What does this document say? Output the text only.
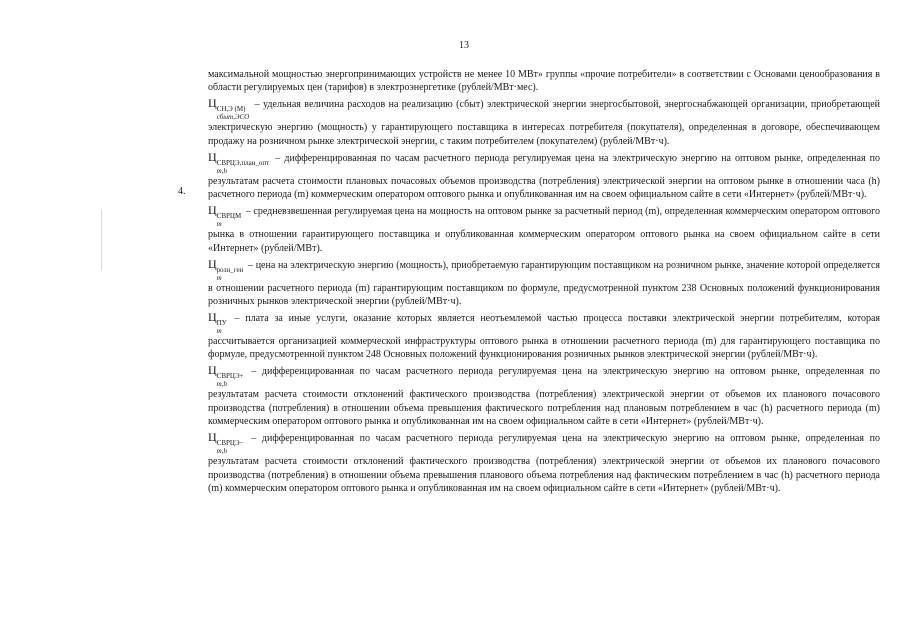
13
4.

максимальной мощностью энергопринимающих устройств не менее 10 МВт» группы «прочие потребители» в соответствии с Основами ценообразования в области регулируемых цен (тарифов) в электроэнергетике (рублей/МВт·мес).

Ц СН,Э (М)
сбыт,ЭСО
– удельная величина расходов на реализацию (сбыт) электрической энергии энергосбытовой, энергоснабжающей организации, приобретающей электрическую энергию (мощность) у гарантирующего поставщика в интересах потребителя (покупателя), определенная в договоре, обеспечивающем продажу на розничном рынке электрической энергии, с таким потребителем (покупателем) (рублей/МВт·ч).

Ц СВРЦЭ,план_опт
m,h
– дифференцированная по часам расчетного периода регулируемая цена на электрическую энергию на оптовом рынке, определенная по результатам расчета стоимости плановых почасовых объемов производства (потребления) электрической энергии на оптовом рынке в отношении часа (h) расчетного периода (m) коммерческим оператором оптового рынка и опубликованная им на своем официальном сайте в сети «Интернет» (рублей/МВт·ч).

Ц СВРЦМ
m
– средневзвешенная регулируемая цена на мощность на оптовом рынке за расчетный период (m), определенная коммерческим оператором оптового рынка в отношении гарантирующего поставщика и опубликованная коммерческим оператором оптового рынка на своем официальном сайте в сети «Интернет» (рублей/МВт).

Ц розн_ген
m
– цена на электрическую энергию (мощность), приобретаемую гарантирующим поставщиком на розничном рынке, значение которой определяется в отношении расчетного периода (m) гарантирующим поставщиком по формуле, предусмотренной пунктом 238 Основных положений функционирования розничных рынков электрической энергии (рублей/МВт·ч).

Ц ПУ
m
– плата за иные услуги, оказание которых является неотъемлемой частью процесса поставки электрической энергии потребителям, которая рассчитывается организацией коммерческой инфраструктуры оптового рынка в отношении расчетного периода (m) для гарантирующего поставщика по формуле, предусмотренной пунктом 248 Основных положений функционирования розничных рынков электрической энергии (рублей/МВт·ч).

Ц СВРЦЭ+
m,h
– дифференцированная по часам расчетного периода регулируемая цена на электрическую энергию на оптовом рынке, определенная по результатам расчета стоимости отклонений фактического производства (потребления) электрической энергии от объемов их планового почасового производства (потребления) в отношении объема превышения фактического потребления над плановым потреблением в час (h) расчетного периода (m) коммерческим оператором оптового рынка и опубликованная им на своем официальном сайте в сети «Интернет» (рублей/МВт·ч).

Ц СВРЦЭ−
m,h
– дифференцированная по часам расчетного периода регулируемая цена на электрическую энергию на оптовом рынке, определенная по результатам расчета стоимости отклонений фактического производства (потребления) электрической энергии от объемов их планового почасового производства (потребления) в отношении объема превышения планового объема потребления над фактическим потреблением в час (h) расчетного периода (m) коммерческим оператором оптового рынка и опубликованная им на своем официальном сайте в сети «Интернет» (рублей/МВт·ч).
